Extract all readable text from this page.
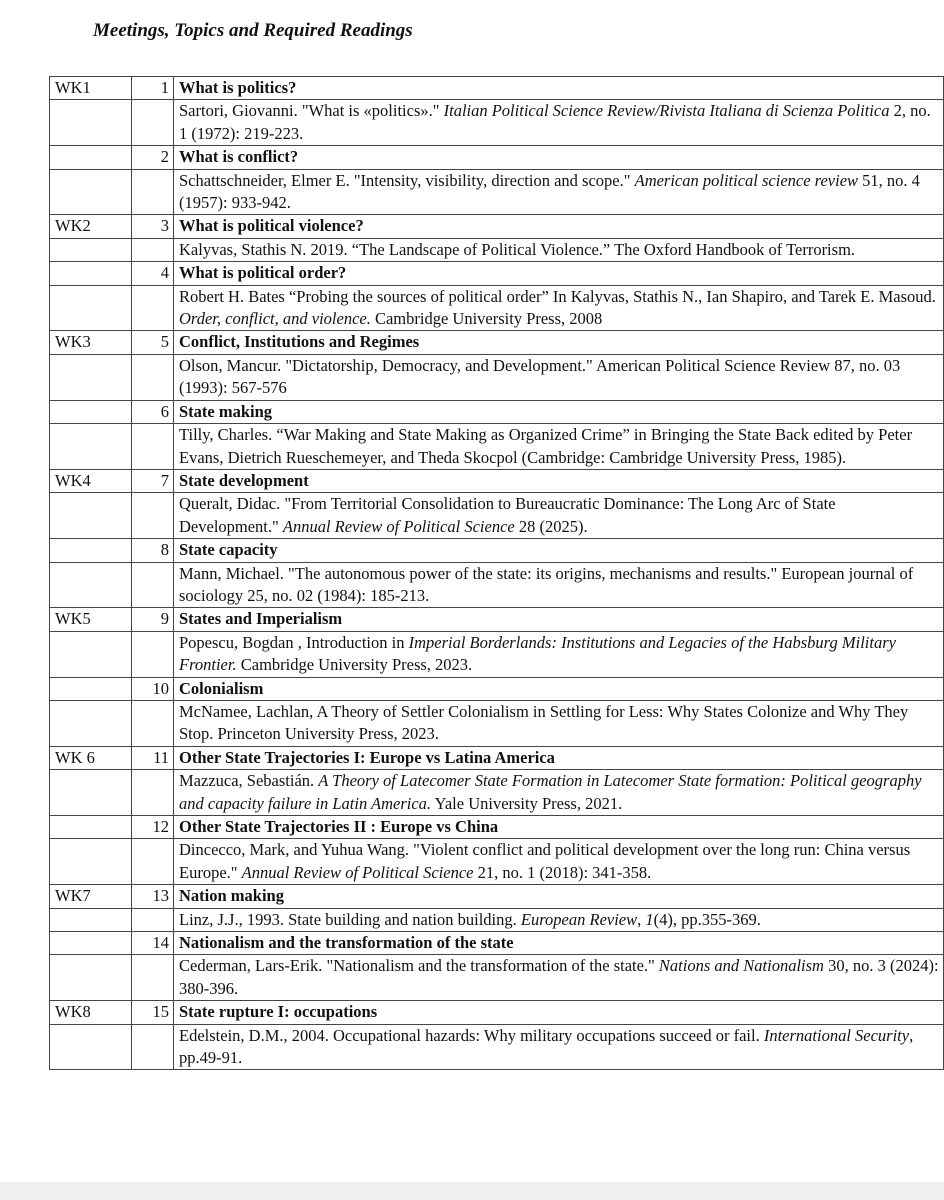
Meetings, Topics and Required Readings
WK1	1	What is politics?
		Sartori, Giovanni. "What is «politics»." Italian Political Science Review/Rivista Italiana di Scienza Politica 2, no. 1 (1972): 219-223.
	2	What is conflict?
		Schattschneider, Elmer E. "Intensity, visibility, direction and scope." American political science review 51, no. 4 (1957): 933-942.
WK2	3	What is political violence?
		Kalyvas, Stathis N. 2019. “The Landscape of Political Violence.” The Oxford Handbook of Terrorism.
	4	What is political order?
		Robert H. Bates “Probing the sources of political order” In Kalyvas, Stathis N., Ian Shapiro, and Tarek E. Masoud. Order, conflict, and violence. Cambridge University Press, 2008
WK3	5	Conflict, Institutions and Regimes
		Olson, Mancur. "Dictatorship, Democracy, and Development." American Political Science Review 87, no. 03 (1993): 567-576
	6	State making
		Tilly, Charles. “War Making and State Making as Organized Crime” in Bringing the State Back edited by Peter Evans, Dietrich Rueschemeyer, and Theda Skocpol (Cambridge: Cambridge University Press, 1985).
WK4	7	State development
		Queralt, Didac. "From Territorial Consolidation to Bureaucratic Dominance: The Long Arc of State Development." Annual Review of Political Science 28 (2025).
	8	State capacity
		Mann, Michael. "The autonomous power of the state: its origins, mechanisms and results." European journal of sociology 25, no. 02 (1984): 185-213.
WK5	9	States and Imperialism
		Popescu, Bogdan , Introduction in Imperial Borderlands: Institutions and Legacies of the Habsburg Military Frontier. Cambridge University Press, 2023.
	10	Colonialism
		McNamee, Lachlan, A Theory of Settler Colonialism in Settling for Less: Why States Colonize and Why They Stop. Princeton University Press, 2023.
WK 6	11	Other State Trajectories I: Europe vs Latina America
		Mazzuca, Sebastián. A Theory of Latecomer State Formation in Latecomer State formation: Political geography and capacity failure in Latin America. Yale University Press, 2021.
	12	Other State Trajectories II : Europe vs China
		Dincecco, Mark, and Yuhua Wang. "Violent conflict and political development over the long run: China versus Europe." Annual Review of Political Science 21, no. 1 (2018): 341-358.
WK7	13	Nation making
		Linz, J.J., 1993. State building and nation building. European Review, 1(4), pp.355-369.
	14	Nationalism and the transformation of the state
		Cederman, Lars-Erik. "Nationalism and the transformation of the state." Nations and Nationalism 30, no. 3 (2024): 380-396.
WK8	15	State rupture I: occupations
		Edelstein, D.M., 2004. Occupational hazards: Why military occupations succeed or fail. International Security, pp.49-91.
